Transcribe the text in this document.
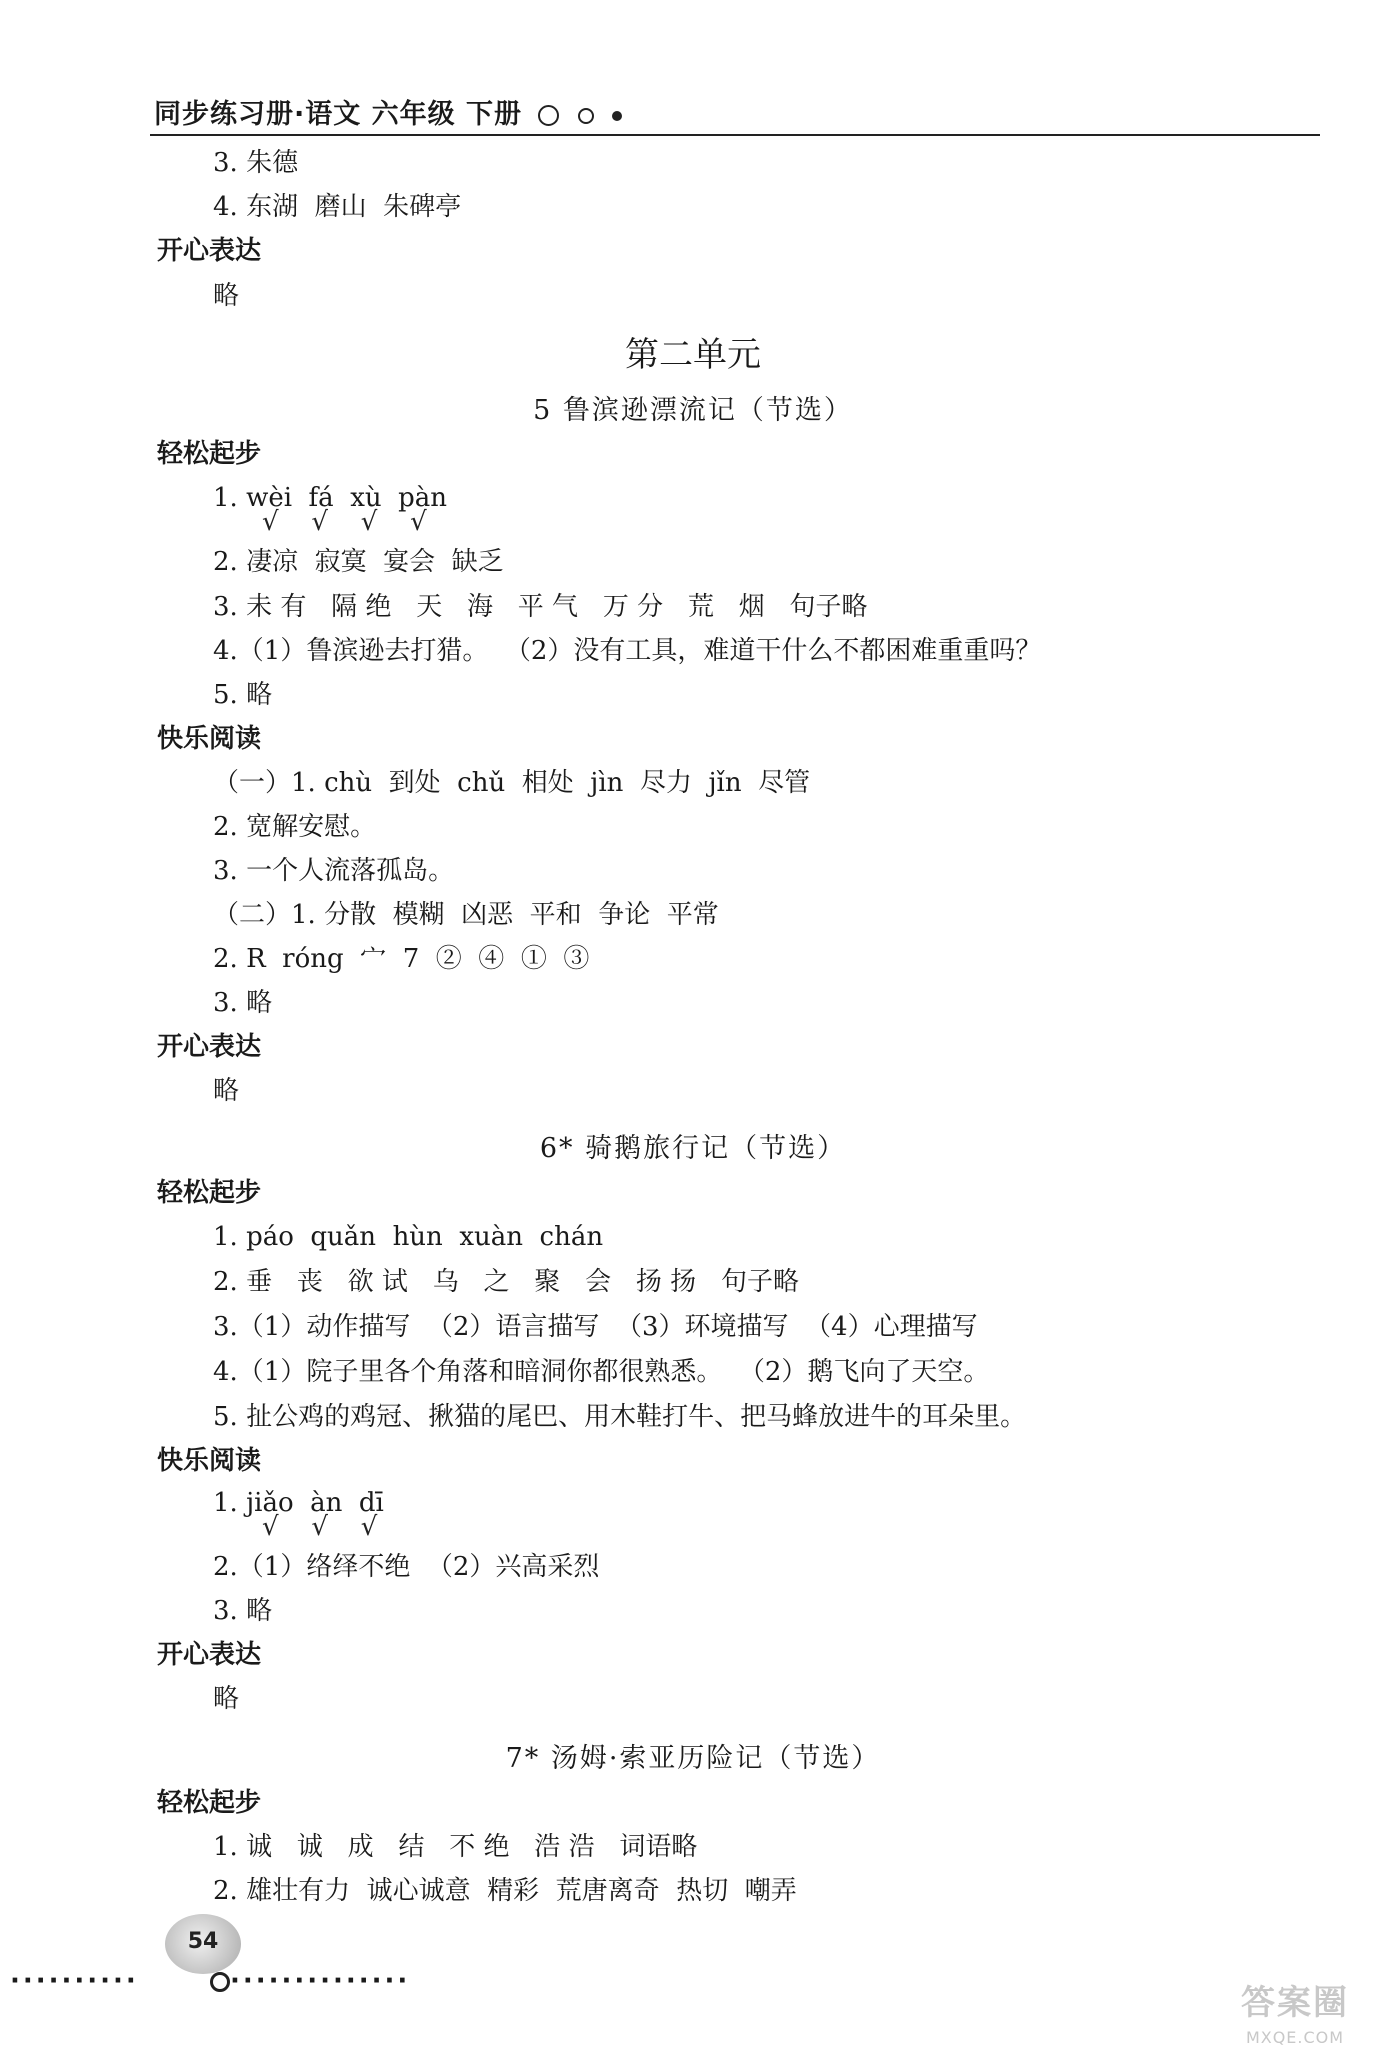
同步练习册·语文 六年级 下册
第二单元
3. 朱德
4. 东湖  磨山  朱碑亭
开心表达
略
轻松起步
1. wèi  fá  xù  pàn
2. 凄凉  寂寞  宴会  缺乏
3. 未 有   隔 绝   天   海   平 气   万 分   荒   烟   句子略
4.（1）鲁滨逊去打猎。  （2）没有工具，难道干什么不都困难重重吗？
5. 略
快乐阅读
（一）1. chù  到处  chǔ  相处  jìn  尽力  jǐn  尽管
2. 宽解安慰。
3. 一个人流落孤岛。
（二）1. 分散  模糊  凶恶  平和  争论  平常
2. R  róng  宀  7  ②  ④  ①  ③
3. 略
开心表达
略
轻松起步
1. páo  quǎn  hùn  xuàn  chán
2. 垂   丧   欲 试   乌   之   聚   会   扬 扬   句子略
3.（1）动作描写  （2）语言描写  （3）环境描写  （4）心理描写
4.（1）院子里各个角落和暗洞你都很熟悉。  （2）鹅飞向了天空。
5. 扯公鸡的鸡冠、揪猫的尾巴、用木鞋打牛、把马蜂放进牛的耳朵里。
快乐阅读
1. jiǎo  àn  dī
2.（1）络绎不绝  （2）兴高采烈
3. 略
开心表达
略
轻松起步
1. 诚   诚   成   结   不 绝   浩 浩   词语略
2. 雄壮有力  诚心诚意  精彩  荒唐离奇  热切  嘲弄
5 鲁滨逊漂流记（节选）
6* 骑鹅旅行记（节选）
7* 汤姆·索亚历险记（节选）
√   √   √   √
√   √   √
··········
54
··············
答案圈
MXQE.COM
